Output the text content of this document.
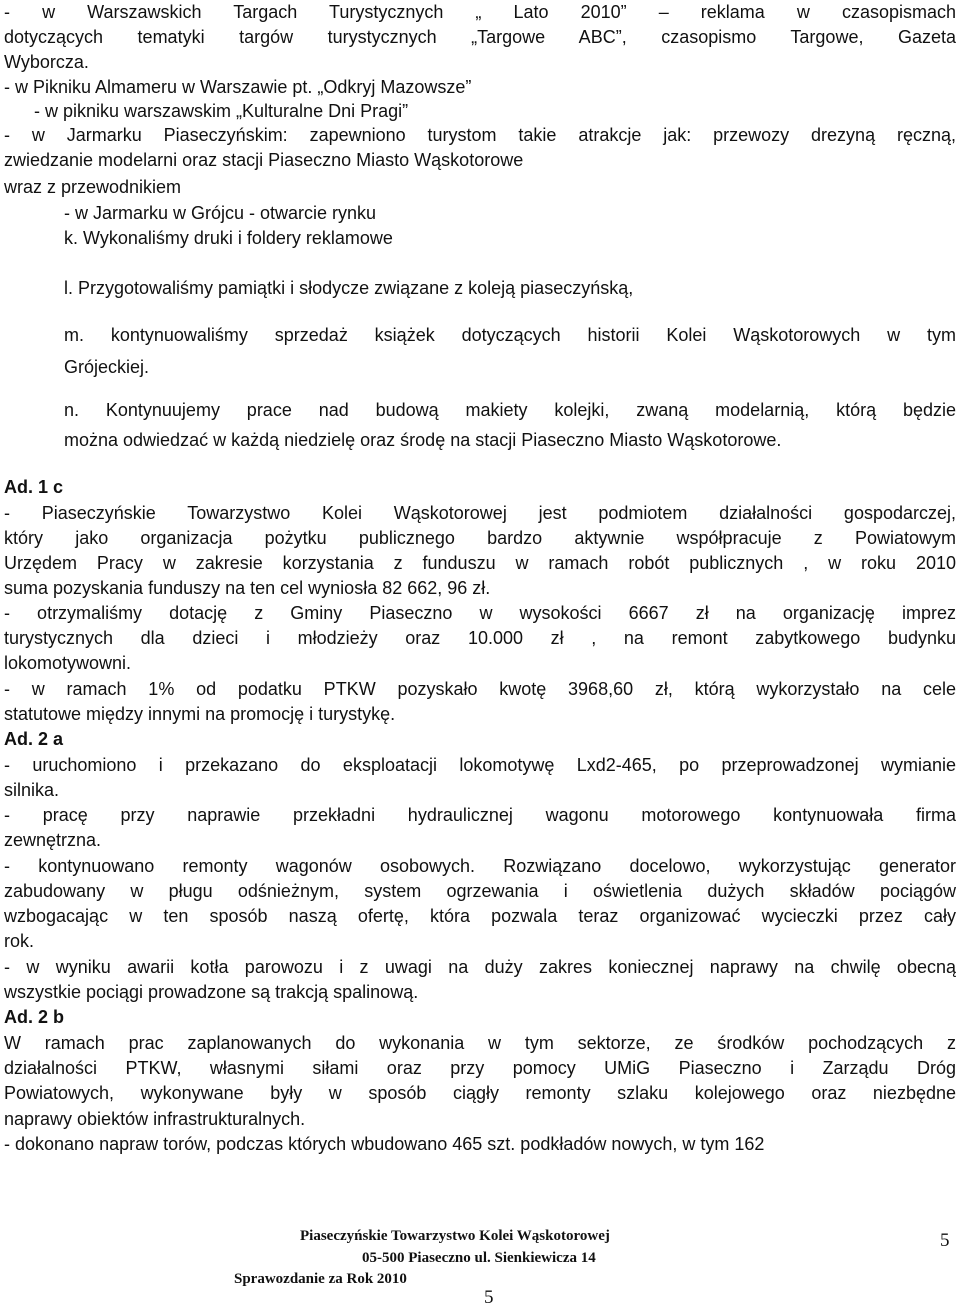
- w Warszawskich Targach Turystycznych „ Lato 2010” – reklama w czasopismach
dotyczących tematyki targów turystycznych „Targowe ABC”, czasopismo Targowe, Gazeta
Wyborcza.
- w Pikniku Almameru w Warszawie pt. „Odkryj Mazowsze”
- w pikniku warszawskim „Kulturalne Dni Pragi”
- w Jarmarku Piaseczyńskim: zapewniono turystom takie atrakcje jak: przewozy drezyną ręczną,
zwiedzanie modelarni oraz stacji Piaseczno Miasto Wąskotorowe
wraz z przewodnikiem
- w Jarmarku w Grójcu - otwarcie rynku
k. Wykonaliśmy druki i foldery reklamowe
l. Przygotowaliśmy pamiątki i słodycze związane z koleją piaseczyńską,
m. kontynuowaliśmy sprzedaż książek dotyczących historii Kolei Wąskotorowych w tym
Grójeckiej.
n. Kontynuujemy prace nad budową makiety kolejki, zwaną modelarnią, którą będzie
można odwiedzać w każdą niedzielę oraz środę na stacji Piaseczno Miasto Wąskotorowe.
Ad. 1 c
- Piaseczyńskie Towarzystwo Kolei Wąskotorowej jest podmiotem działalności gospodarczej,
który jako organizacja pożytku publicznego bardzo aktywnie współpracuje z Powiatowym
Urzędem Pracy w zakresie korzystania z funduszu w ramach robót publicznych , w roku 2010
suma pozyskania funduszy na ten cel wyniosła 82 662, 96 zł.
- otrzymaliśmy dotację z Gminy Piaseczno w wysokości 6667 zł na organizację imprez
turystycznych dla dzieci i młodzieży oraz 10.000 zł , na remont zabytkowego budynku
lokomotywowni.
- w ramach 1% od podatku PTKW pozyskało kwotę 3968,60 zł, którą wykorzystało na cele
statutowe między innymi na promocję i turystykę.
Ad. 2 a
- uruchomiono i przekazano do eksploatacji lokomotywę Lxd2-465, po przeprowadzonej wymianie
silnika.
- pracę przy naprawie przekładni hydraulicznej wagonu motorowego kontynuowała firma
zewnętrzna.
- kontynuowano remonty wagonów osobowych. Rozwiązano docelowo, wykorzystując generator
zabudowany w pługu odśnieżnym, system ogrzewania i oświetlenia dużych składów pociągów
wzbogacając w ten sposób naszą ofertę, która pozwala teraz organizować wycieczki przez cały
rok.
- w wyniku awarii kotła parowozu i z uwagi na duży zakres koniecznej naprawy na chwilę obecną
wszystkie pociągi prowadzone są trakcją spalinową.
Ad. 2 b
W ramach prac zaplanowanych do wykonania w tym sektorze, ze środków pochodzących z
działalności PTKW, własnymi siłami oraz przy pomocy UMiG Piaseczno i Zarządu Dróg
Powiatowych, wykonywane były w sposób ciągły remonty szlaku kolejowego oraz niezbędne
naprawy obiektów infrastrukturalnych.
- dokonano napraw torów, podczas których wbudowano 465 szt. podkładów nowych, w tym 162
Piaseczyńskie Towarzystwo Kolei Wąskotorowej
05-500 Piaseczno ul. Sienkiewicza 14
Sprawozdanie za Rok 2010
5
5
